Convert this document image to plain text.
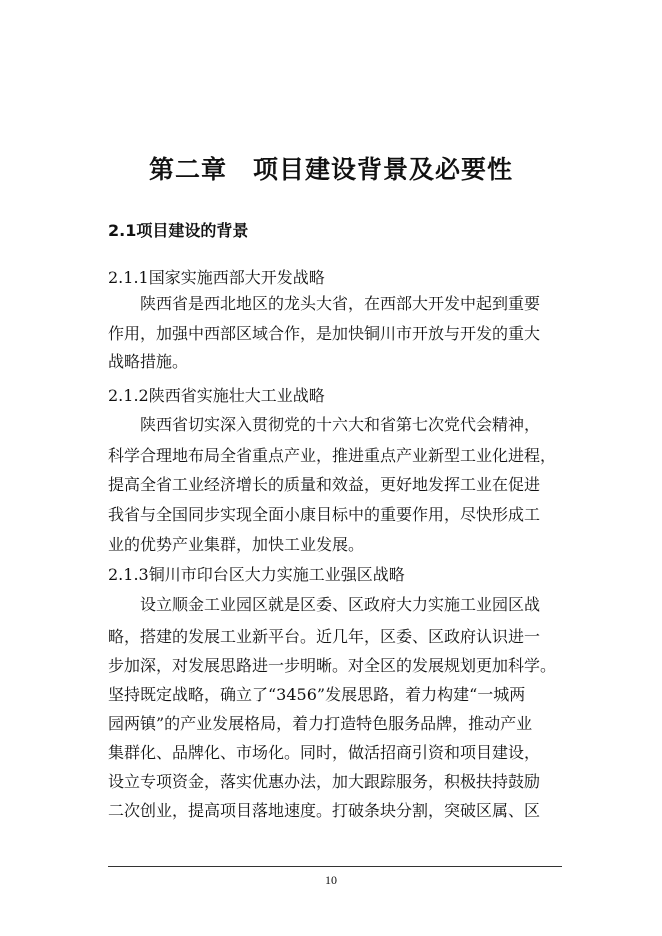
第二章　项目建设背景及必要性
2.1项目建设的背景
2.1.1国家实施西部大开发战略
陕西省是西北地区的龙头大省，在西部大开发中起到重要
作用，加强中西部区域合作，是加快铜川市开放与开发的重大
战略措施。
2.1.2陕西省实施壮大工业战略
陕西省切实深入贯彻党的十六大和省第七次党代会精神，
科学合理地布局全省重点产业，推进重点产业新型工业化进程，
提高全省工业经济增长的质量和效益，更好地发挥工业在促进
我省与全国同步实现全面小康目标中的重要作用，尽快形成工
业的优势产业集群，加快工业发展。
2.1.3铜川市印台区大力实施工业强区战略
设立顺金工业园区就是区委、区政府大力实施工业园区战
略，搭建的发展工业新平台。近几年，区委、区政府认识进一
步加深，对发展思路进一步明晰。对全区的发展规划更加科学。
坚持既定战略，确立了“3456”发展思路，着力构建“一城两
园两镇”的产业发展格局，着力打造特色服务品牌，推动产业
集群化、品牌化、市场化。同时，做活招商引资和项目建设，
设立专项资金，落实优惠办法，加大跟踪服务，积极扶持鼓励
二次创业，提高项目落地速度。打破条块分割，突破区属、区
10
